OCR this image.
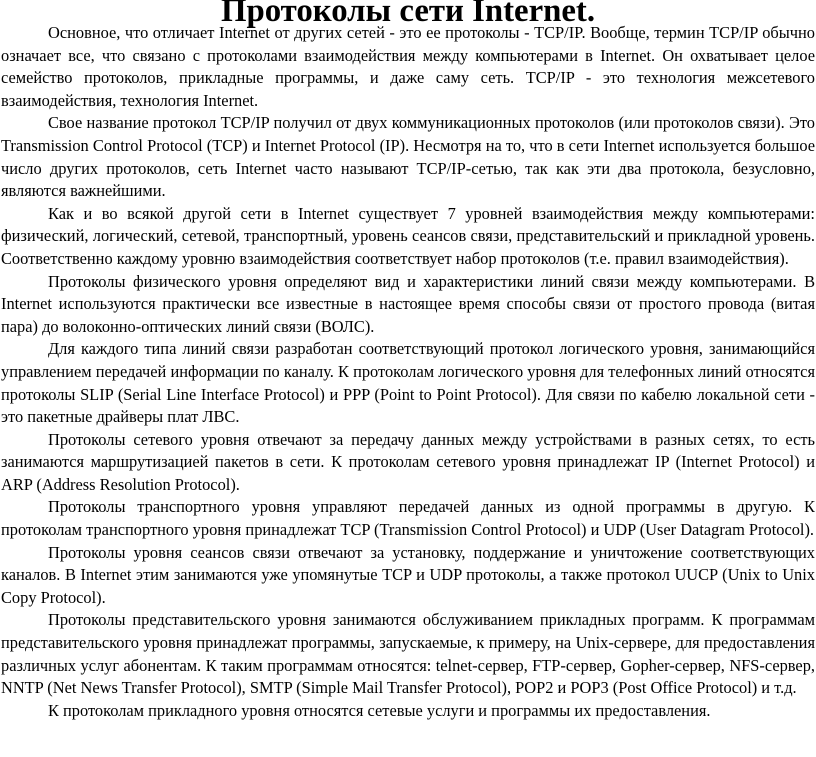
Протоколы сети Internet.

Основное, что отличает Internet от других сетей - это ее протоколы - TCP/IP. Вообще, термин TCP/IP обычно означает все, что связано с протоколами взаимодействия между компьютерами в Internet. Он охватывает целое семейство протоколов, прикладные программы, и даже саму сеть. TCP/IP - это технология межсетевого взаимодействия, технология Internet.

Свое название протокол TCP/IP получил от двух коммуникационных протоколов (или протоколов связи). Это Transmission Control Protocol (TCP) и Internet Protocol (IP). Несмотря на то, что в сети Internet используется большое число других протоколов, сеть Internet часто называют TCP/IP-сетью, так как эти два протокола, безусловно, являются важнейшими.

Как и во всякой другой сети в Internet существует 7 уровней взаимодействия между компьютерами: физический, логический, сетевой, транспортный, уровень сеансов связи, представительский и прикладной уровень. Соответственно каждому уровню взаимодействия соответствует набор протоколов (т.е. правил взаимодействия).

Протоколы физического уровня определяют вид и характеристики линий связи между компьютерами. В Internet используются практически все известные в настоящее время способы связи от простого провода (витая пара) до волоконно-оптических линий связи (ВОЛС).

Для каждого типа линий связи разработан соответствующий протокол логического уровня, занимающийся управлением передачей информации по каналу. К протоколам логического уровня для телефонных линий относятся протоколы SLIP (Serial Line Interface Protocol) и PPP (Point to Point Protocol). Для связи по кабелю локальной сети - это пакетные драйверы плат ЛВС.

Протоколы сетевого уровня отвечают за передачу данных между устройствами в разных сетях, то есть занимаются маршрутизацией пакетов в сети. К протоколам сетевого уровня принадлежат IP (Internet Protocol) и ARP (Address Resolution Protocol).

Протоколы транспортного уровня управляют передачей данных из одной программы в другую. К протоколам транспортного уровня принадлежат TCP (Transmission Control Protocol) и UDP (User Datagram Protocol).

Протоколы уровня сеансов связи отвечают за установку, поддержание и уничтожение соответствующих каналов. В Internet этим занимаются уже упомянутые TCP и UDP протоколы, а также протокол UUCP (Unix to Unix Copy Protocol).

Протоколы представительского уровня занимаются обслуживанием прикладных программ. К программам представительского уровня принадлежат программы, запускаемые, к примеру, на Unix-сервере, для предоставления различных услуг абонентам. К таким программам относятся: telnet-сервер, FTP-сервер, Gopher-сервер, NFS-сервер, NNTP (Net News Transfer Protocol), SMTP (Simple Mail Transfer Protocol), POP2 и POP3 (Post Office Protocol) и т.д.

К протоколам прикладного уровня относятся сетевые услуги и программы их предоставления.
